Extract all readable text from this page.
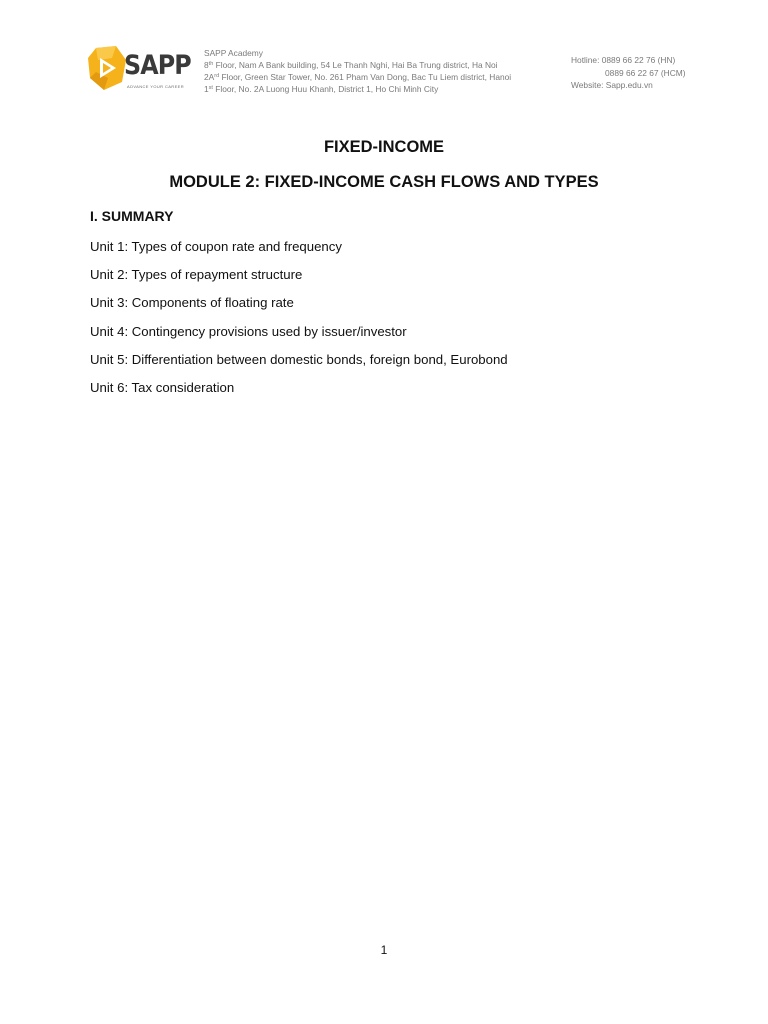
SAPP
ADVANCE YOUR CAREER
SAPP Academy
8th Floor, Nam A Bank building, 54 Le Thanh Nghi, Hai Ba Trung district, Ha Noi
$2A^{rd}$ Floor, Green Star Tower, No. 261 Pham Van Dong, Bac Tu Liem district, Hanoi
1st Floor, No. 2A Luong Huu Khanh, District 1, Ho Chi Minh City
Hotline: 0889 66 22 76 (HN)
0889 66 22 67 (HCM)
Website: Sapp.edu.vn
FIXED-INCOME
MODULE 2: FIXED-INCOME CASH FLOWS AND TYPES
I. SUMMARY
Unit 1: Types of coupon rate and frequency
Unit 2: Types of repayment structure
Unit 3: Components of floating rate
Unit 4: Contingency provisions used by issuer/investor
Unit 5: Differentiation between domestic bonds, foreign bond, Eurobond
Unit 6: Tax consideration
1
